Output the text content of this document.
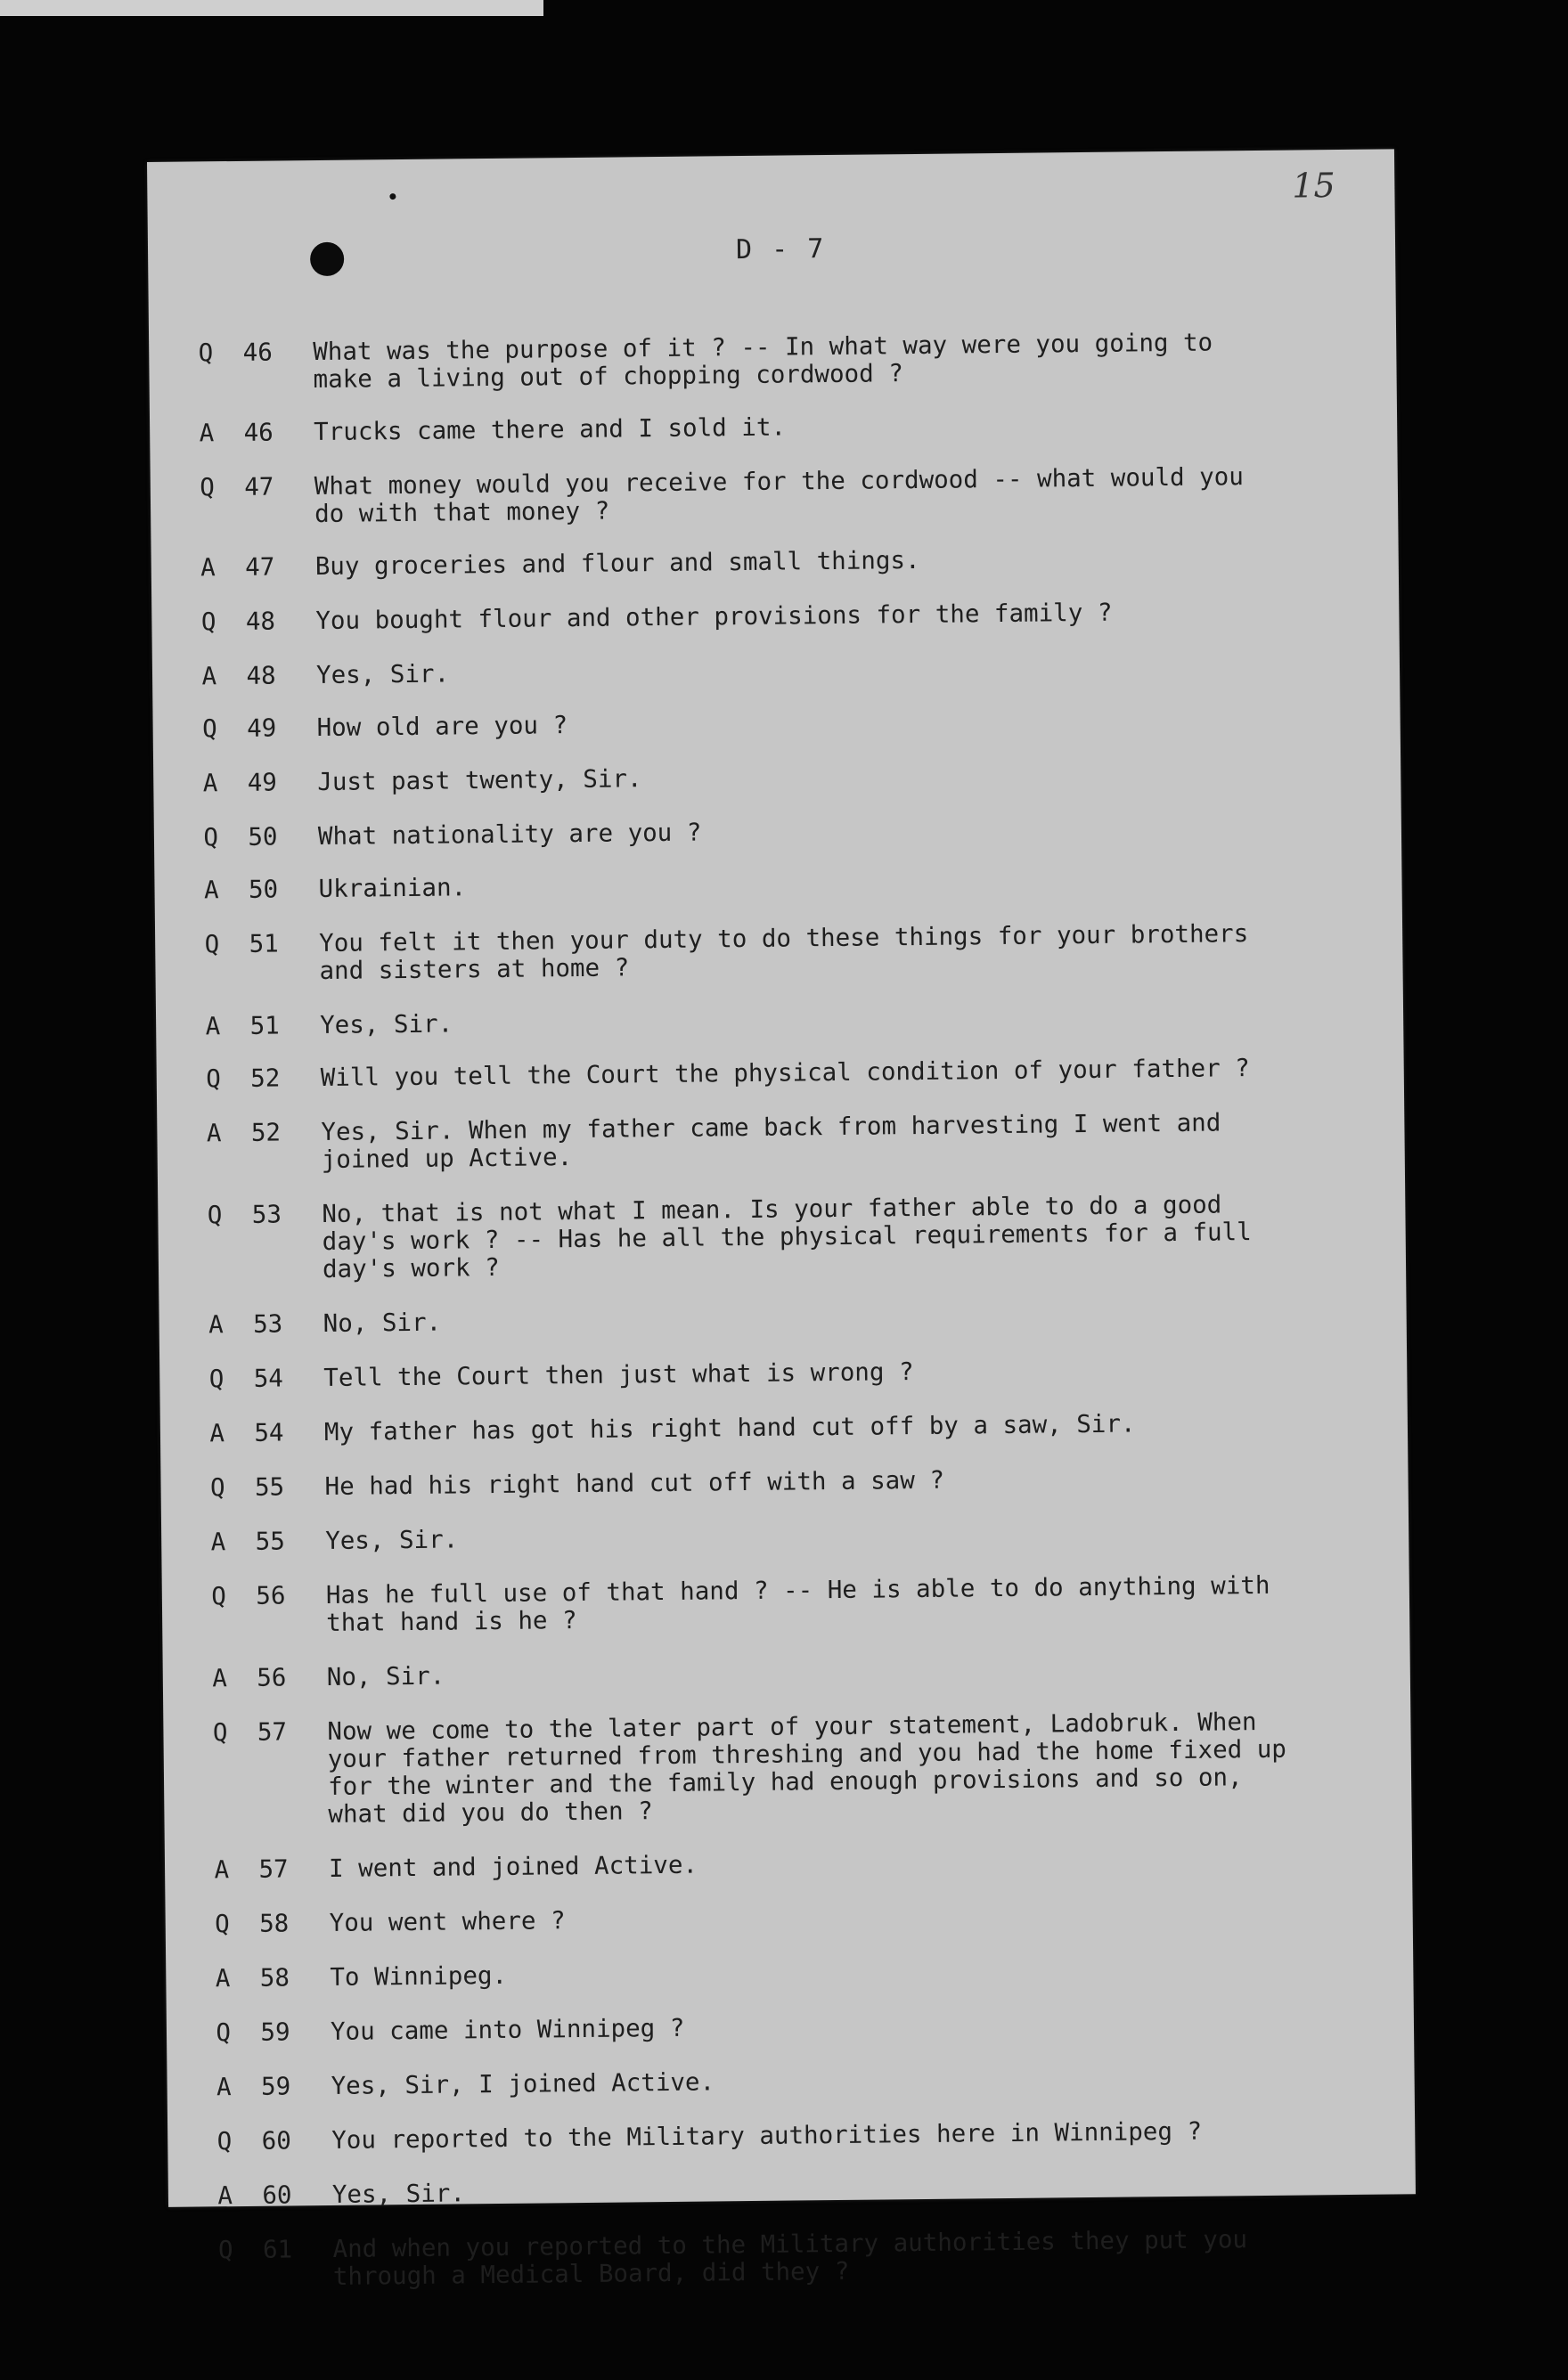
15
D - 7
Q	46	What was the purpose of it ? -- In what way were you going to
make a living out of chopping cordwood ?
A	46	Trucks came there and I sold it.
Q	47	What money would you receive for the cordwood -- what would you
do with that money ?
A	47	Buy groceries and flour and small things.
Q	48	You bought flour and other provisions for the family ?
A	48	Yes, Sir.
Q	49	How old are you ?
A	49	Just past twenty, Sir.
Q	50	What nationality are you ?
A	50	Ukrainian.
Q	51	You felt it then your duty to do these things for your brothers
and sisters at home ?
A	51	Yes, Sir.
Q	52	Will you tell the Court the physical condition of your father ?
A	52	Yes, Sir. When my father came back from harvesting I went and
joined up Active.
Q	53	No, that is not what I mean. Is your father able to do a good
day's work ? -- Has he all the physical requirements for a full
day's work ?
A	53	No, Sir.
Q	54	Tell the Court then just what is wrong ?
A	54	My father has got his right hand cut off by a saw, Sir.
Q	55	He had his right hand cut off with a saw ?
A	55	Yes, Sir.
Q	56	Has he full use of that hand ? -- He is able to do anything with
that hand is he ?
A	56	No, Sir.
Q	57	Now we come to the later part of your statement, Ladobruk. When
your father returned from threshing and you had the home fixed up
for the winter and the family had enough provisions and so on,
what did you do then ?
A	57	I went and joined Active.
Q	58	You went where ?
A	58	To Winnipeg.
Q	59	You came into Winnipeg ?
A	59	Yes, Sir, I joined Active.
Q	60	You reported to the Military authorities here in Winnipeg ?
A	60	Yes, Sir.
Q	61	And when you reported to the Military authorities they put you
through a Medical Board, did they ?
